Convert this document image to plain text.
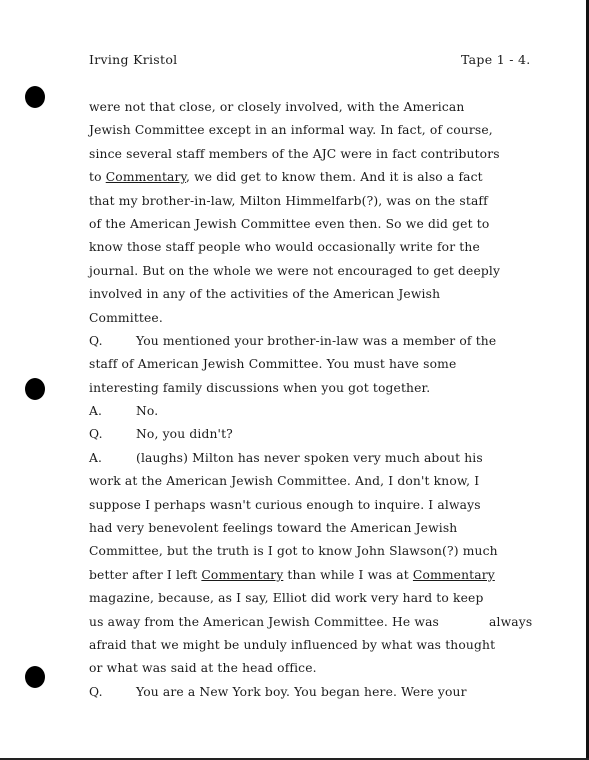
Irving Kristol	Tape 1 - 4.
were not that close, or closely involved, with the American
Jewish Committee except in an informal way. In fact, of course,
since several staff members of the AJC were in fact contributors
to Commentary, we did get to know them. And it is also a fact
that my brother-in-law, Milton Himmelfarb(?), was on the staff
of the American Jewish Committee even then. So we did get to
know those staff people who would occasionally write for the
journal. But on the whole we were not encouraged to get deeply
involved in any of the activities of the American Jewish
Committee.
Q.	You mentioned your brother-in-law was a member of the
staff of American Jewish Committee. You must have some
interesting family discussions when you got together.
A.	No.
Q.	No, you didn't?
A.	(laughs) Milton has never spoken very much about his
work at the American Jewish Committee. And, I don't know, I
suppose I perhaps wasn't curious enough to inquire. I always
had very benevolent feelings toward the American Jewish
Committee, but the truth is I got to know John Slawson(?) much
better after I left Commentary than while I was at Commentary
magazine, because, as I say, Elliot did work very hard to keep
us away from the American Jewish Committee. He was	always
afraid that we might be unduly influenced by what was thought
or what was said at the head office.
Q.	You are a New York boy. You began here. Were your
